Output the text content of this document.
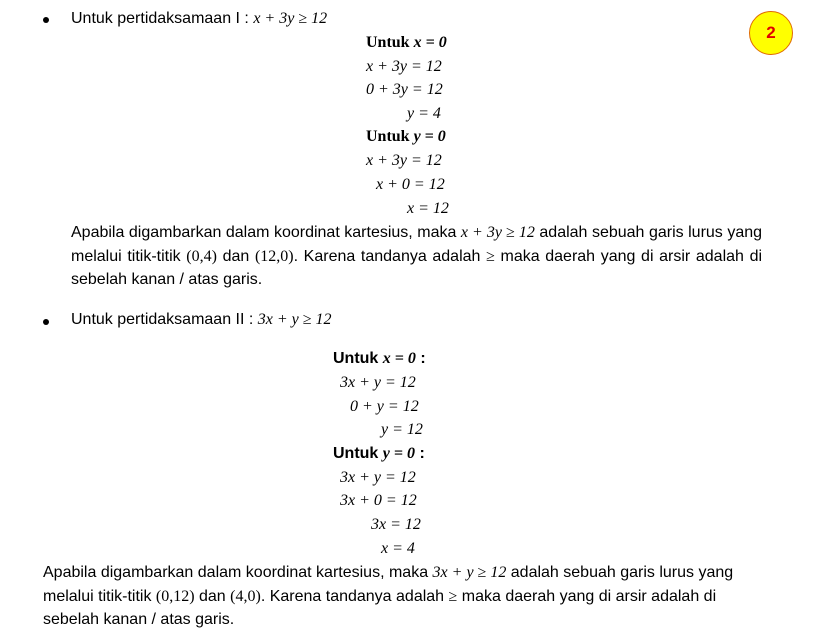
2
Untuk pertidaksamaan I : x + 3y ≥ 12
Untuk x = 0
x + 3y = 12
0 + 3y = 12
y = 4
Untuk y = 0
x + 3y = 12
x + 0 = 12
x = 12
Apabila digambarkan dalam koordinat kartesius, maka x + 3y ≥ 12 adalah sebuah garis lurus yang melalui titik-titik (0,4) dan (12,0). Karena tandanya adalah ≥ maka daerah yang di arsir adalah di sebelah kanan / atas garis.
Untuk pertidaksamaan II : 3x + y ≥ 12
Untuk x = 0 :
3x + y = 12
0 + y = 12
y = 12
Untuk y = 0 :
3x + y = 12
3x + 0 = 12
3x = 12
x = 4
Apabila digambarkan dalam koordinat kartesius, maka 3x + y ≥ 12 adalah sebuah garis lurus yang melalui titik-titik (0,12) dan (4,0). Karena tandanya adalah ≥ maka daerah yang di arsir adalah di sebelah kanan / atas garis.
